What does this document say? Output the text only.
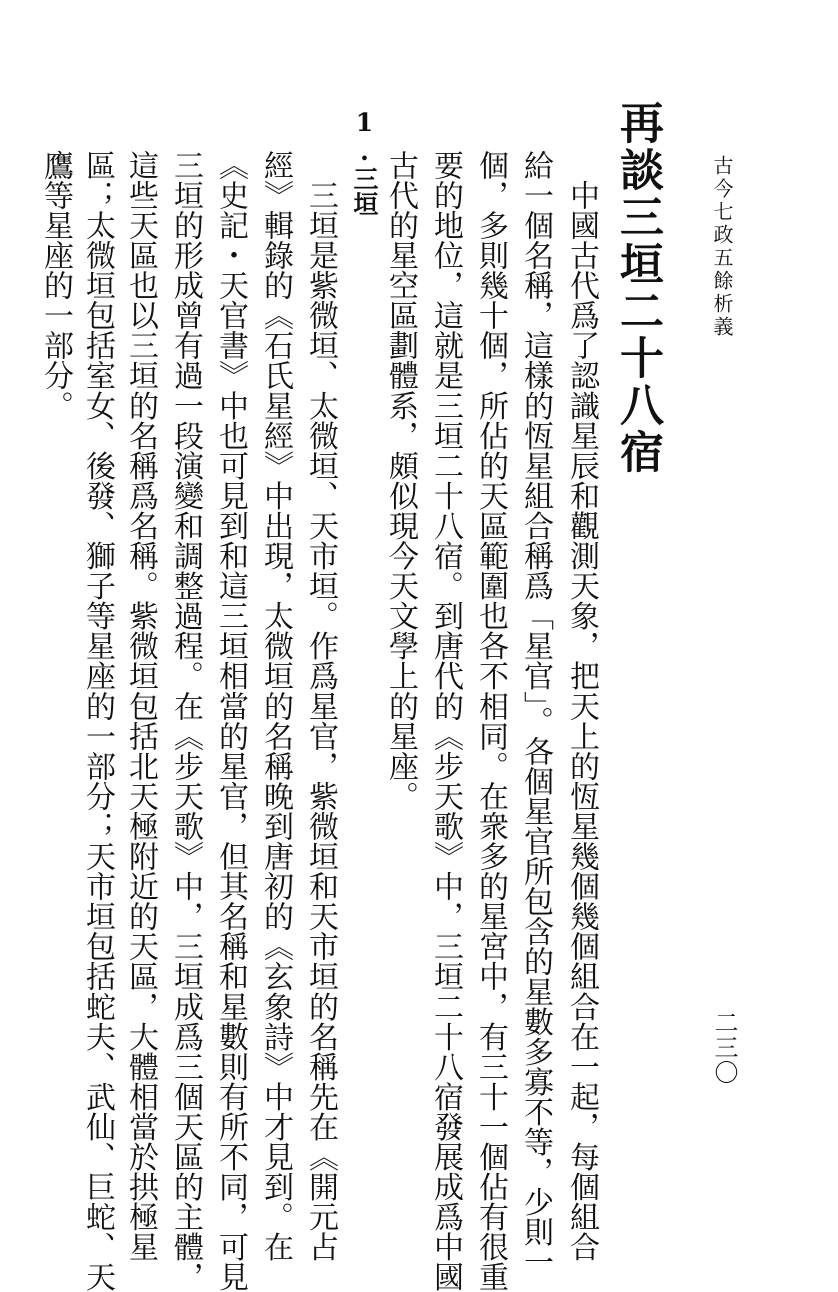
古今七政五餘析義
二三〇
再談三垣二十八宿
　中國古代爲了認識星辰和觀測天象，把天上的恆星幾個幾個組合在一起，每個組合
給一個名稱，這樣的恆星組合稱爲「星官」。各個星官所包含的星數多寡不等，少則一
個，多則幾十個，所佔的天區範圍也各不相同。在衆多的星宮中，有三十一個佔有很重
要的地位，這就是三垣二十八宿。到唐代的《步天歌》中，三垣二十八宿發展成爲中國
古代的星空區劃體系，頗似現今天文學上的星座。
1.三垣
　三垣是紫微垣、太微垣、天市垣。作爲星官，紫微垣和天市垣的名稱先在《開元占
經》輯錄的《石氏星經》中出現，太微垣的名稱晚到唐初的《玄象詩》中才見到。在
《史記・天官書》中也可見到和這三垣相當的星官，但其名稱和星數則有所不同，可見
三垣的形成曾有過一段演變和調整過程。在《步天歌》中，三垣成爲三個天區的主體，
這些天區也以三垣的名稱爲名稱。紫微垣包括北天極附近的天區，大體相當於拱極星
區；太微垣包括室女、後發、獅子等星座的一部分；天市垣包括蛇夫、武仙、巨蛇、天
鷹等星座的一部分。
